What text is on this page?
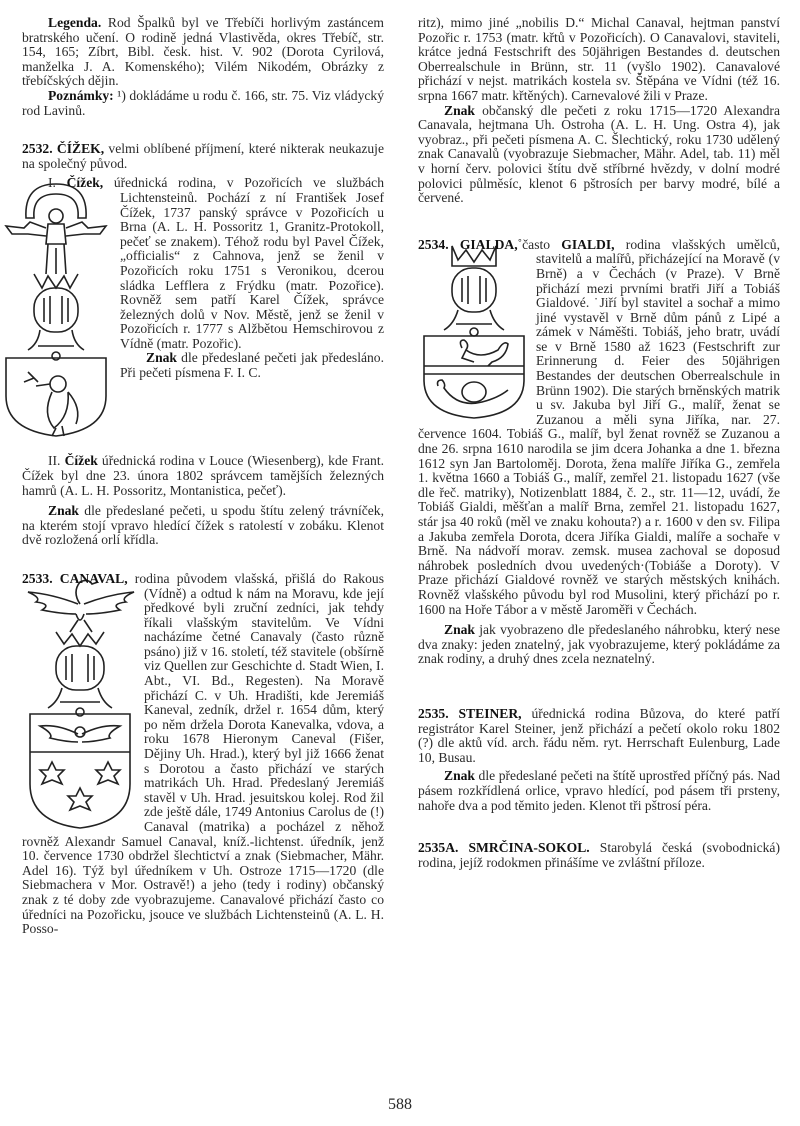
Legenda. Rod Špalků byl ve Třebíči horlivým zastáncem bratrského učení. O rodině jedná Vlastivěda, okres Třebíč, str. 154, 165; Zíbrt, Bibl. česk. hist. V. 902 (Dorota Cyrilová, manželka J. A. Komenského); Vilém Nikodém, Obrázky z třebíčských dějin.

Poznámky: ¹) dokládáme u rodu č. 166, str. 75. Viz vládycký rod Lavinů.

2532. ČÍŽEK, velmi oblíbené příjmení, které nikterak neukazuje na společný původ.

I. Čížek,
úřednická rodina, v Pozořicích ve službách Lichtensteinů. Pochází z ní František Josef Čížek, 1737 panský správce v Pozořicích u Brna (A. L. H. Possoritz 1, Granitz-Protokoll, pečeť se znakem). Téhož rodu byl Pavel Čížek, „officialis“ z Cahnova, jenž se ženil v Pozořicích roku 1751 s Veronikou, dcerou sládka Lefflera z Frýdku (matr. Pozořice). Rovněž sem patří Karel Čížek, správce železných dolů v Nov. Městě, jenž se ženil v Pozořicích r. 1777 s Alžbětou Hemschirovou z Vídně (matr. Pozořic).

Znak dle předeslané pečeti jak předesláno. Při pečeti písmena F. I. C.

II. Čížek úřednická rodina v Louce (Wiesenberg), kde Frant. Čížek byl dne 23. února 1802 správcem tamějších železných hamrů (A. L. H. Possoritz, Montanistica, pečeť).

Znak dle předeslané pečeti, u spodu štítu zelený trávníček, na kterém stojí vpravo hledící čížek s ratolestí v zobáku. Klenot dvě rozložená orlí křídla.

2533. CANAVAL,
rodina původem vlašská, přišlá do Rakous (Vídně) a odtud k nám na Moravu, kde její předkové byli zruční zedníci, jak tehdy říkali vlašským stavitelům. Ve Vídni nacházíme četné Canavaly (často různě psáno) již v 16. století, též stavitele (obšírně viz Quellen zur Geschichte d. Stadt Wien, I. Abt., VI. Bd., Regesten). Na Moravě přichází C. v Uh. Hradišti, kde Jeremiáš Kaneval, zedník, držel r. 1654 dům, který po něm držela Dorota Kanevalka, vdova, a roku 1678 Hieronym Caneval (Fišer, Dějiny Uh. Hrad.), který byl již 1666 ženat s Dorotou a často přichází ve starých matrikách Uh. Hrad. Předeslaný Jeremiáš stavěl v Uh. Hrad. jesuitskou kolej. Rod žil zde ještě dále, 1749 Antonius Carolus de (!) Canaval (matrika) a pocházel z něhož rovněž Alexandr Samuel Canaval, kníž.-lichtenst. úředník, jenž 10. července 1730 obdržel šlechtictví a znak (Siebmacher, Mähr. Adel 16). Týž byl úředníkem v Uh. Ostroze 1715—1720 (dle Siebmachera v Mor. Ostravě!) a jeho (tedy i rodiny) občanský znak z té doby zde vyobrazujeme. Canavalové přichází často co úředníci na Pozořicku, jsouce ve službách Lichtensteinů (A. L. H. Posso-

ritz), mimo jiné „nobilis D.“ Michal Canaval, hejtman panství Pozořic r. 1753 (matr. křtů v Pozořicích). O Canavalovi, staviteli, krátce jedná Festschrift des 50jährigen Bestandes d. deutschen Oberrealschule in Brünn, str. 11 (vyšlo 1902). Canavalové přichází v nejst. matrikách kostela sv. Štěpána ve Vídni (též 16. srpna 1667 matr. křtěných). Carnevalové žili v Praze.

Znak občanský dle pečeti z roku 1715—1720 Alexandra Canavala, hejtmana Uh. Ostroha (A. L. H. Ung. Ostra 4), jak vyobraz., při pečeti písmena A. C. Šlechtický, roku 1730 udělený znak Canavalů (vyobrazuje Siebmacher, Mähr. Adel, tab. 11) měl v horní červ. polovici štítu dvě stříbrné hvězdy, v dolní modré polovici půlměsíc, klenot 6 pštrosích per barvy modré, bílé a červené.

2534. GIALDA,˚často GIALDI,
rodina vlašských umělců, stavitelů a malířů, přicházející na Moravě (v Brně) a v Čechách (v Praze). V Brně přichází mezi prvními bratři Jiří a Tobiáš Gialdové. ˙Jiří byl stavitel a sochař a mimo jiné vystavěl v Brně dům pánů z Lipé a zámek v Náměšti. Tobiáš, jeho bratr, uvádí se v Brně 1580 až 1623 (Festschrift zur Erinnerung d. Feier des 50jährigen Bestandes der deutschen Oberrealschule in Brünn 1902). Die starých brněnských matrik u sv. Jakuba byl Jiří G., malíř, ženat se Zuzanou a měli syna Jiříka, nar. 27. července 1604. Tobiáš G., malíř, byl ženat rovněž se Zuzanou a dne 26. srpna 1610 narodila se jim dcera Johanka a dne 1. března 1612 syn Jan Bartoloměj. Dorota, žena malíře Jiříka G., zemřela 1. května 1660 a Tobiáš G., malíř, zemřel 21. listopadu 1627 (vše dle řeč. matriky), Notizenblatt 1884, č. 2., str. 11—12, uvádí, že Tobiáš Gialdi, měšťan a malíř Brna, zemřel 21. listopadu 1627, stár jsa 40 roků (měl ve znaku kohouta?) a r. 1600 v den sv. Filipa a Jakuba zemřela Dorota, dcera Jiříka Gialdi, malíře a sochaře v Brně. Na nádvoří morav. zemsk. musea zachoval se doposud náhrobek posledních dvou uvedených·(Tobiáše a Doroty). V Praze přichází Gialdové rovněž ve starých městských knihách. Rovněž vlašského původu byl rod Musolini, který přichází po r. 1600 na Hoře Tábor a v městě Jaroměři v Čechách.

Znak jak vyobrazeno dle předeslaného náhrobku, který nese dva znaky: jeden znatelný, jak vyobrazujeme, který pokládáme za znak rodiny, a druhý dnes zcela neznatelný.

2535. STEINER, úřednická rodina Bůzova, do které patří registrátor Karel Steiner, jenž přichází a pečetí okolo roku 1802 (?) dle aktů víd. arch. řádu něm. ryt. Herrschaft Eulenburg, Lade 10, Busau.

Znak dle předeslané pečeti na štítě uprostřed příčný pás. Nad pásem rozkřídlená orlice, vpravo hledící, pod pásem tři prsteny, nahoře dva a pod těmito jeden. Klenot tři pštrosí péra.

2535A. SMRČINA-SOKOL. Starobylá česká (svobodnická) rodina, jejíž rodokmen přinášíme ve zvláštní příloze.

588
